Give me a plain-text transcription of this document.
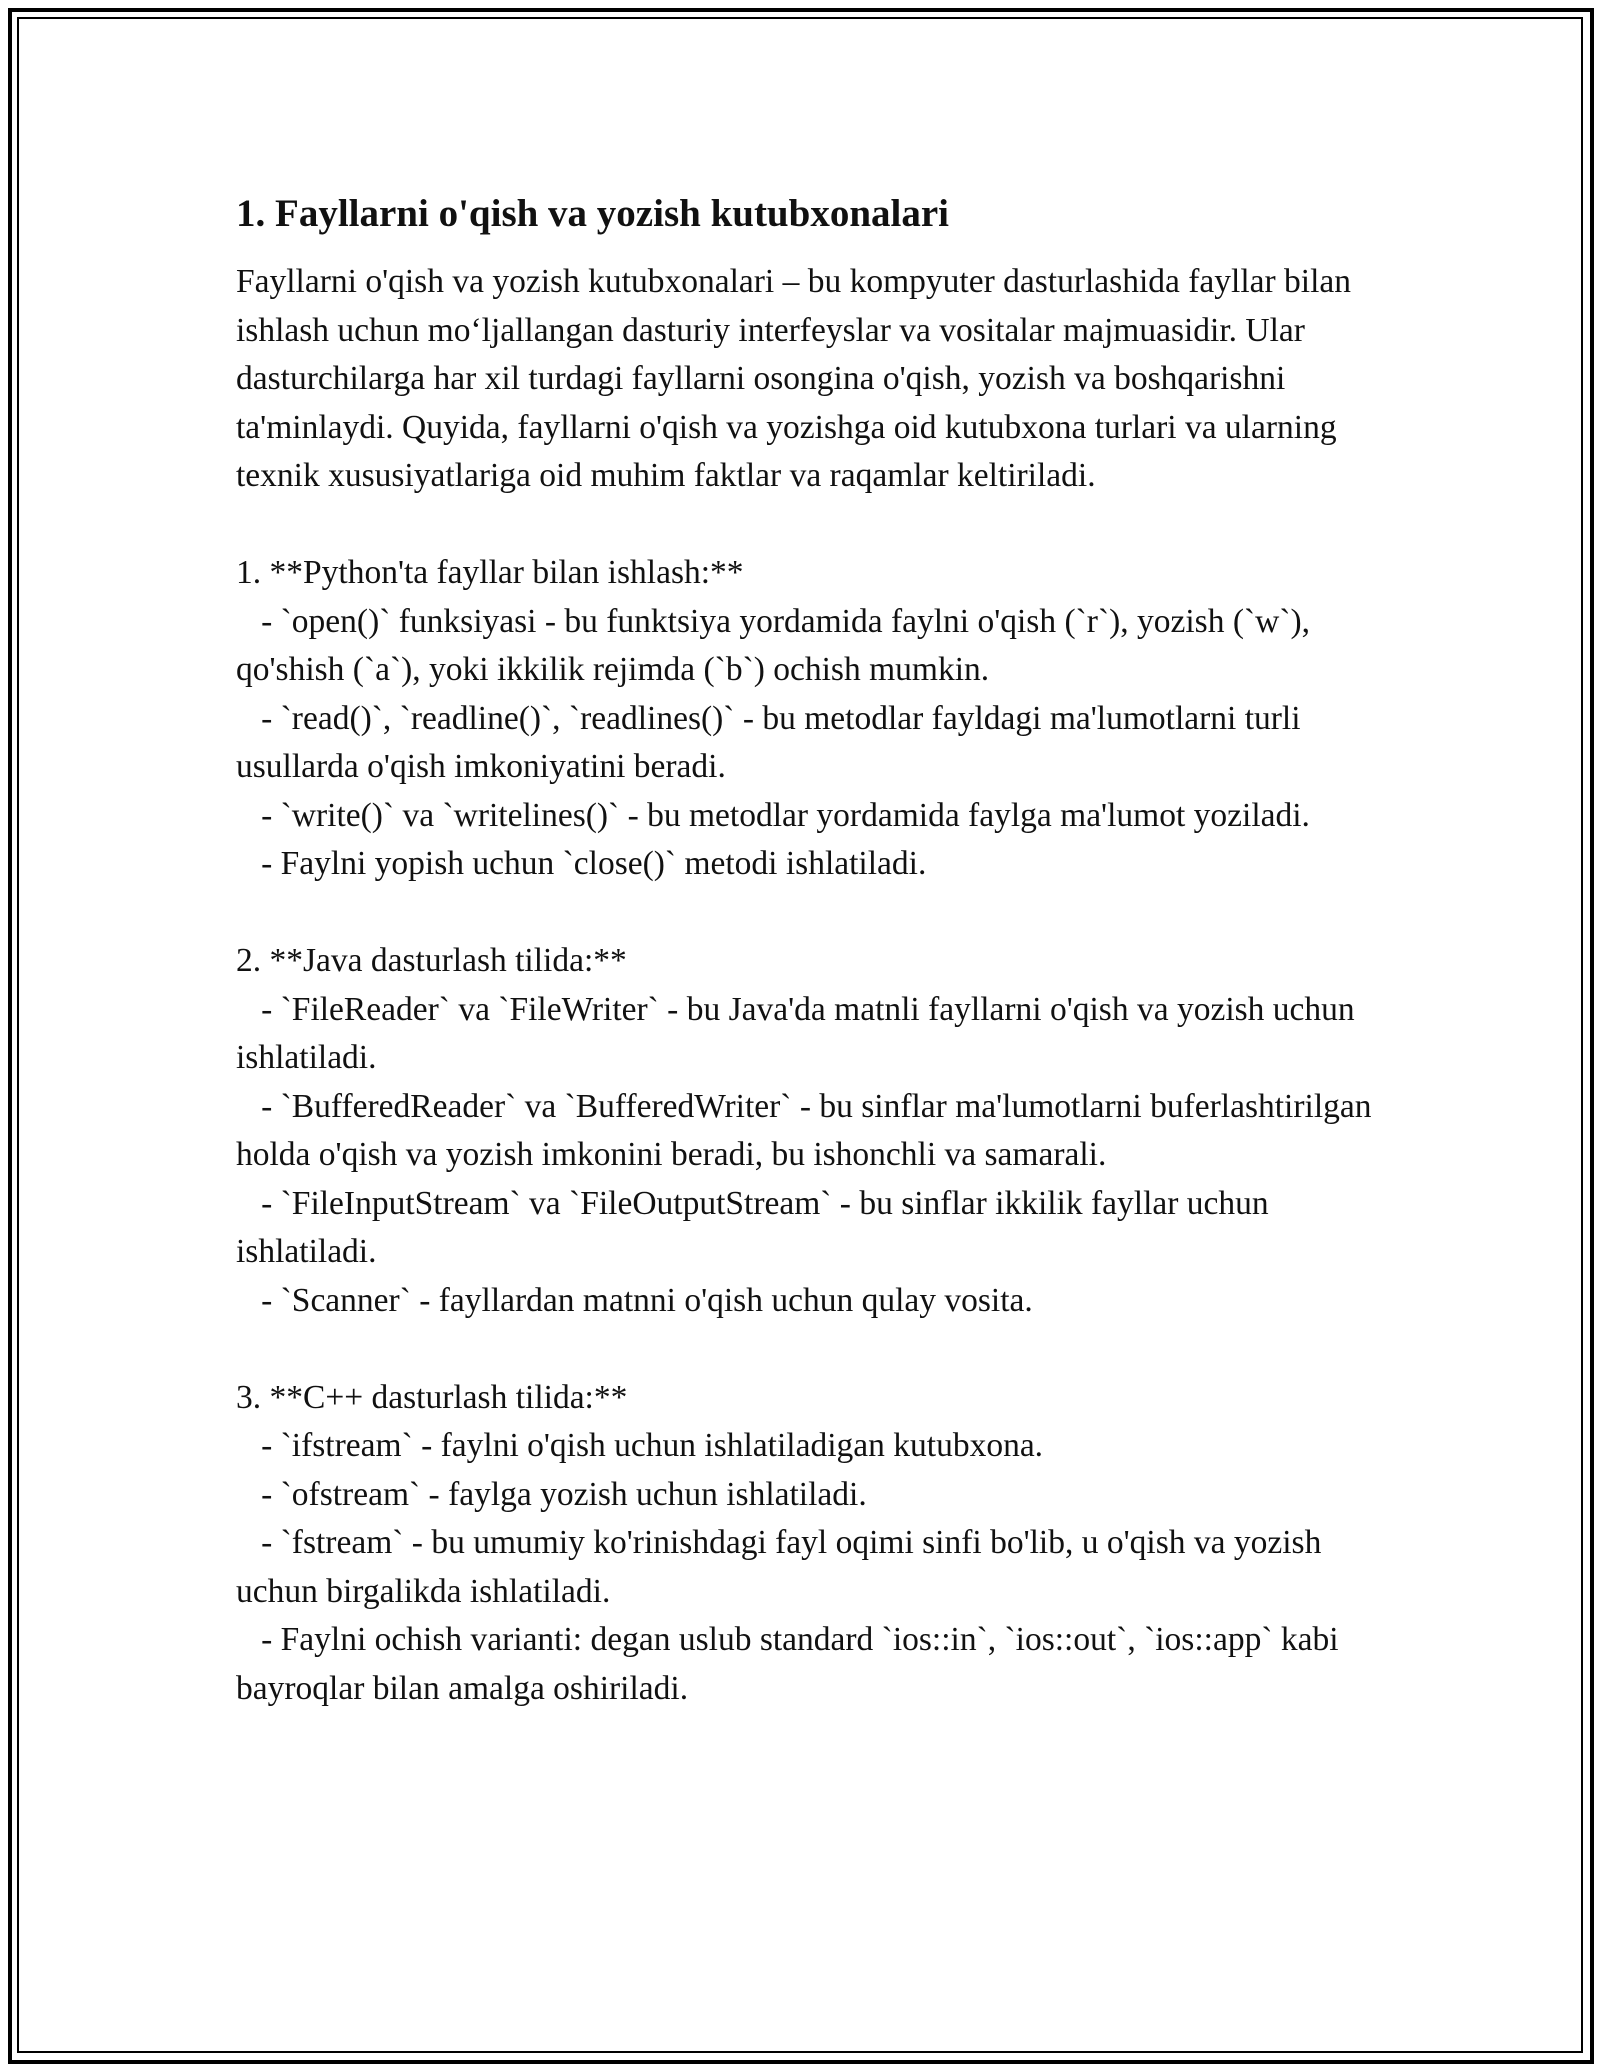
1. Fayllarni o'qish va yozish kutubxonalari

Fayllarni o'qish va yozish kutubxonalari – bu kompyuter dasturlashida fayllar bilan ishlash uchun mo‘ljallangan dasturiy interfeyslar va vositalar majmuasidir. Ular dasturchilarga har xil turdagi fayllarni osongina o'qish, yozish va boshqarishni ta'minlaydi. Quyida, fayllarni o'qish va yozishga oid kutubxona turlari va ularning texnik xususiyatlariga oid muhim faktlar va raqamlar keltiriladi.

1. **Python'ta fayllar bilan ishlash:**

- `open()` funksiyasi - bu funktsiya yordamida faylni o'qish (`r`), yozish (`w`), qo'shish (`a`), yoki ikkilik rejimda (`b`) ochish mumkin.

- `read()`, `readline()`, `readlines()` - bu metodlar fayldagi ma'lumotlarni turli usullarda o'qish imkoniyatini beradi.

- `write()` va `writelines()` - bu metodlar yordamida faylga ma'lumot yoziladi.

- Faylni yopish uchun `close()` metodi ishlatiladi.

2. **Java dasturlash tilida:**

- `FileReader` va `FileWriter` - bu Java'da matnli fayllarni o'qish va yozish uchun ishlatiladi.

- `BufferedReader` va `BufferedWriter` - bu sinflar ma'lumotlarni buferlashtirilgan holda o'qish va yozish imkonini beradi, bu ishonchli va samarali.

- `FileInputStream` va `FileOutputStream` - bu sinflar ikkilik fayllar uchun ishlatiladi.

- `Scanner` - fayllardan matnni o'qish uchun qulay vosita.

3. **C++ dasturlash tilida:**

- `ifstream` - faylni o'qish uchun ishlatiladigan kutubxona.

- `ofstream` - faylga yozish uchun ishlatiladi.

- `fstream` - bu umumiy ko'rinishdagi fayl oqimi sinfi bo'lib, u o'qish va yozish uchun birgalikda ishlatiladi.

- Faylni ochish varianti: degan uslub standard `ios::in`, `ios::out`, `ios::app` kabi bayroqlar bilan amalga oshiriladi.
